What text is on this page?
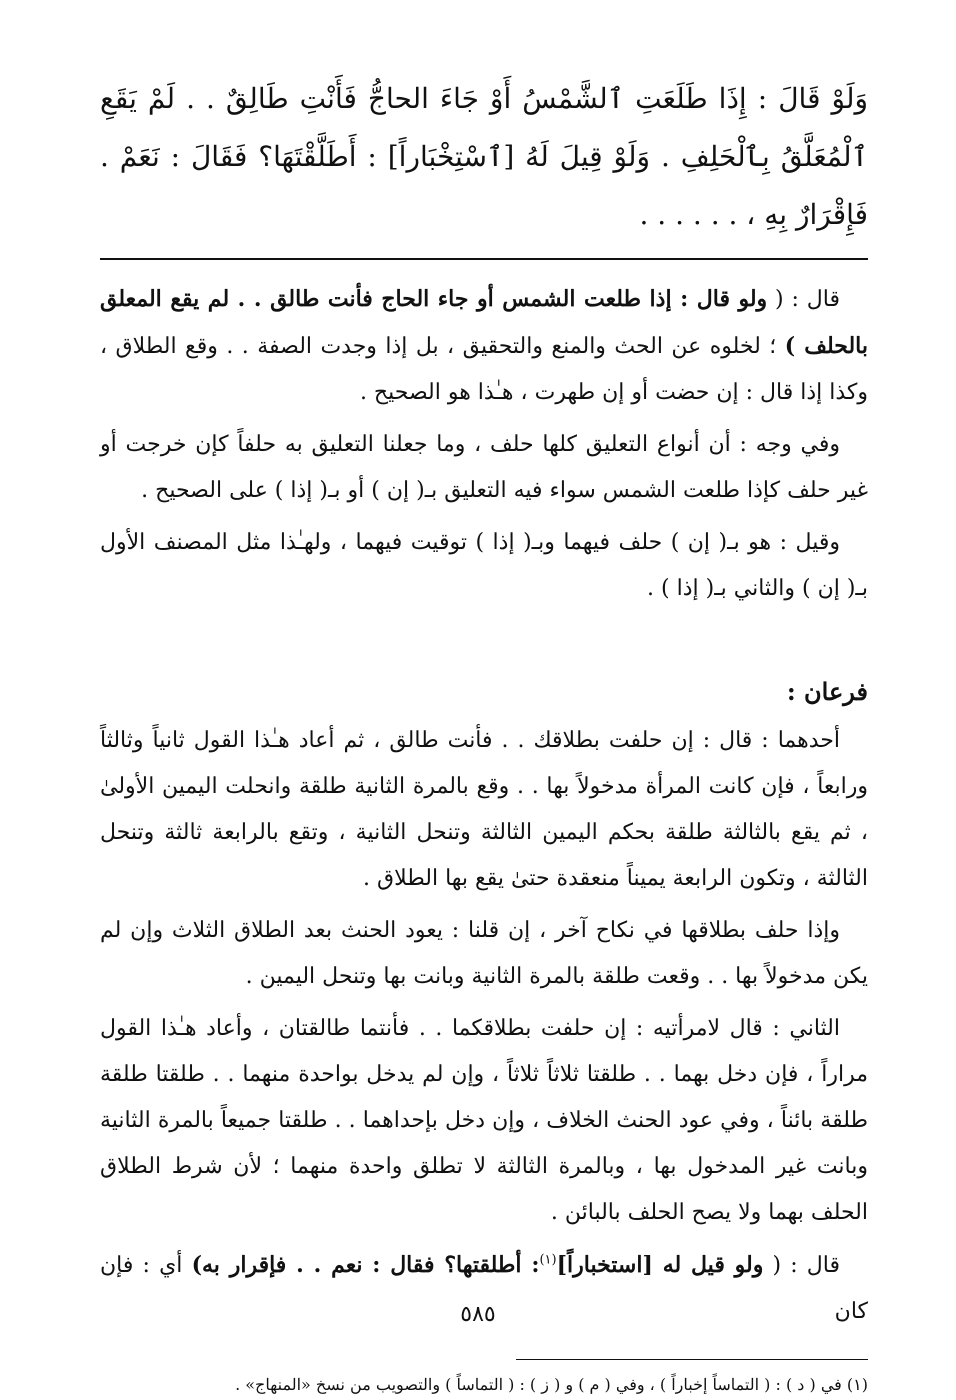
وَلَوْ قَالَ : إِذَا طَلَعَتِ ٱلشَّمْسُ أَوْ جَاءَ الحاجُّ فَأَنْتِ طَالِقٌ . . لَمْ يَقَعِ ٱلْمُعَلَّقُ بِٱلْحَلِفِ . وَلَوْ قِيلَ لَهُ [ٱسْتِخْبَاراً] : أَطَلَّقْتَهَا؟ فَقَالَ : نَعَمْ . فَإِقْرَارٌ بِهِ ، . . . . . .

قال : ( ولو قال : إذا طلعت الشمس أو جاء الحاج فأنت طالق . . لم يقع المعلق بالحلف ) ؛ لخلوه عن الحث والمنع والتحقيق ، بل إذا وجدت الصفة . . وقع الطلاق ، وكذا إذا قال : إن حضت أو إن طهرت ، هـٰذا هو الصحيح .

وفي وجه : أن أنواع التعليق كلها حلف ، وما جعلنا التعليق به حلفاً كإن خرجت أو غير حلف كإذا طلعت الشمس سواء فيه التعليق بـ( إن ) أو بـ( إذا ) على الصحيح .

وقيل : هو بـ( إن ) حلف فيهما وبـ( إذا ) توقيت فيهما ، ولهـٰذا مثل المصنف الأول بـ( إن ) والثاني بـ( إذا ) .

فرعان :

أحدهما : قال : إن حلفت بطلاقك . . فأنت طالق ، ثم أعاد هـٰذا القول ثانياً وثالثاً ورابعاً ، فإن كانت المرأة مدخولاً بها . . وقع بالمرة الثانية طلقة وانحلت اليمين الأولىٰ ، ثم يقع بالثالثة طلقة بحكم اليمين الثالثة وتنحل الثانية ، وتقع بالرابعة ثالثة وتنحل الثالثة ، وتكون الرابعة يميناً منعقدة حتىٰ يقع بها الطلاق .

وإذا حلف بطلاقها في نكاح آخر ، إن قلنا : يعود الحنث بعد الطلاق الثلاث وإن لم يكن مدخولاً بها . . وقعت طلقة بالمرة الثانية وبانت بها وتنحل اليمين .

الثاني : قال لامرأتيه : إن حلفت بطلاقكما . . فأنتما طالقتان ، وأعاد هـٰذا القول مراراً ، فإن دخل بهما . . طلقتا ثلاثاً ثلاثاً ، وإن لم يدخل بواحدة منهما . . طلقتا طلقة طلقة بائناً ، وفي عود الحنث الخلاف ، وإن دخل بإحداهما . . طلقتا جميعاً بالمرة الثانية وبانت غير المدخول بها ، وبالمرة الثالثة لا تطلق واحدة منهما ؛ لأن شرط الطلاق الحلف بهما ولا يصح الحلف بالبائن .

قال : ( ولو قيل له [استخباراً]$^{(١)}$: أطلقتها؟ فقال : نعم . . فإقرار به) أي : فإن كان

(١) في ( د ) : ( التماساً إخباراً ) ، وفي ( م ) و ( ز ) : ( التماساً ) والتصويب من نسخ «المنهاج» .

٥٨٥
